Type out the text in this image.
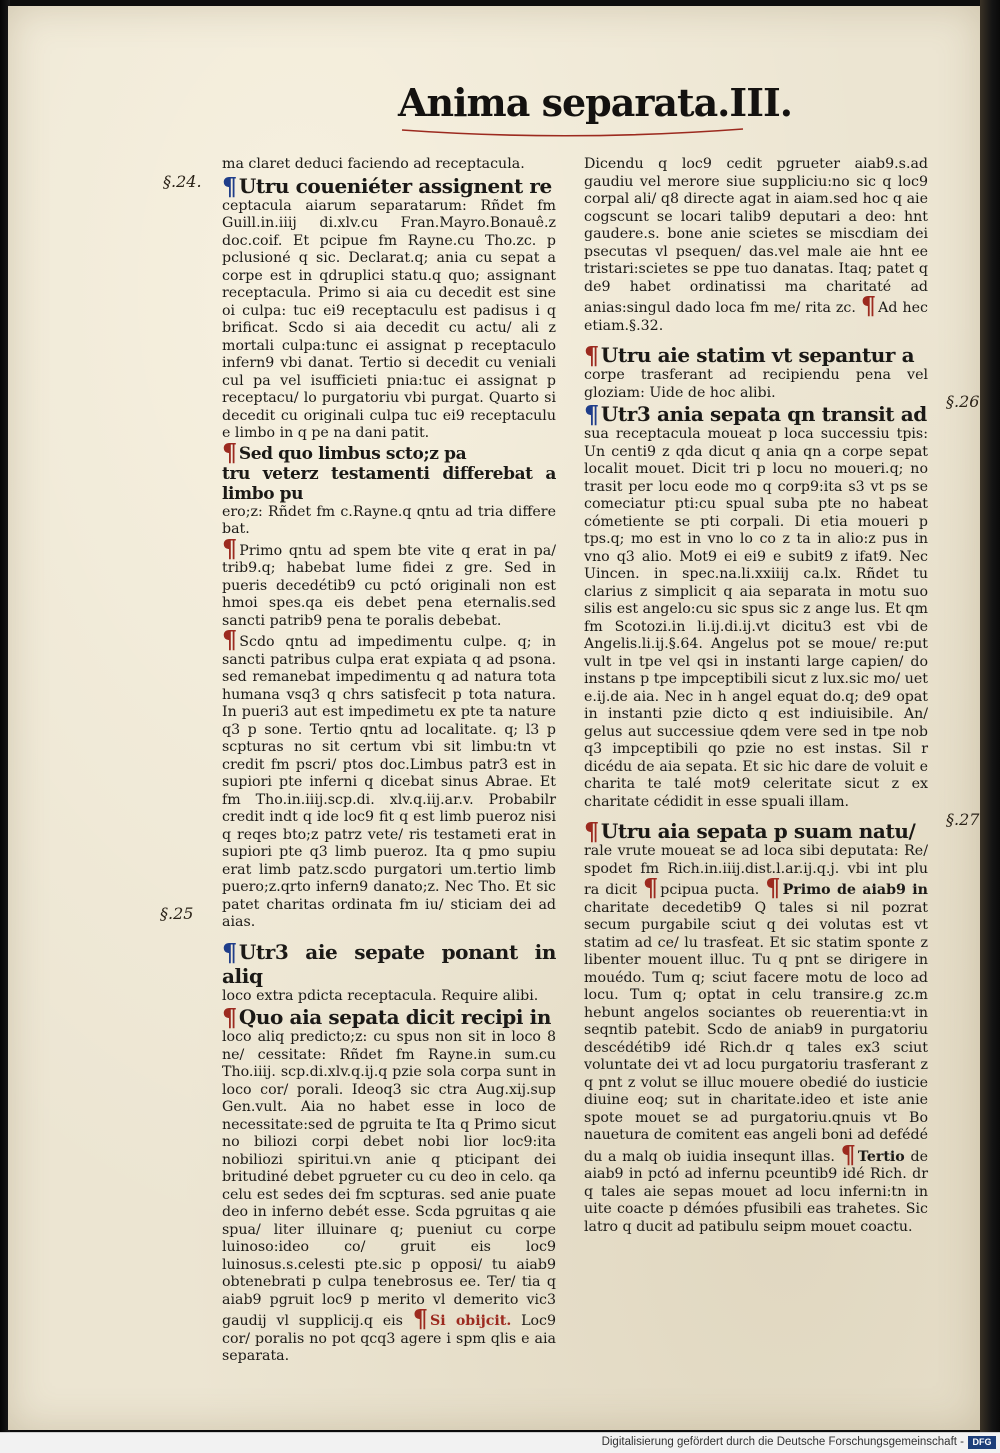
Anima separata.III.
§.24.
§.25
§.26
§.27

ma claret deduci faciendo ad receptacula.

¶ Utru coueniéter assignent re

ceptacula aiarum separatarum: Rñdet fm Guill.in.iiij di.xlv.cu Fran.Mayro.Bonauê.z doc.coif. Et pcipue fm Rayne.cu Tho.zc. p pclusioné q sic. Declarat.q; ania cu sepat a corpe est in qdruplici statu.q quo; assignant receptacula. Primo si aia cu decedit est sine oi culpa: tuc ei9 receptaculu est padisus i q brificat. Scdo si aia decedit cu actu/ ali z mortali culpa:tunc ei assignat p receptaculo infern9 vbi danat. Tertio si decedit cu veniali cul pa vel isufficieti pnia:tuc ei assignat p receptacu/ lo purgatoriu vbi purgat. Quarto si decedit cu originali culpa tuc ei9 receptaculu e limbo in q pe na dani patit.

¶ Sed quo limbus scto;z pa

tru veterz testamenti differebat a limbo pu

ero;z: Rñdet fm c.Rayne.q qntu ad tria differe bat.

¶ Primo qntu ad spem bte vite q erat in pa/ trib9.q; habebat lume fidei z gre. Sed in pueris decedétib9 cu pctó originali non est hmoi spes.qa eis debet pena eternalis.sed sancti patrib9 pena te poralis debebat.

¶ Scdo qntu ad impedimentu culpe. q; in sancti patribus culpa erat expiata q ad psona. sed remanebat impedimentu q ad natura tota humana vsq3 q chrs satisfecit p tota natura. In pueri3 aut est impedimetu ex pte ta nature q3 p sone. Tertio qntu ad localitate. q; l3 p scpturas no sit certum vbi sit limbu:tn vt credit fm pscri/ ptos doc.Limbus patr3 est in supiori pte inferni q dicebat sinus Abrae. Et fm Tho.in.iiij.scp.di. xlv.q.iij.ar.v. Probabilr credit indt q ide loc9 fit q est limb pueroz nisi q reqes bto;z patrz vete/ ris testameti erat in supiori pte q3 limb pueroz. Ita q pmo supiu erat limb patz.scdo purgatori um.tertio limb puero;z.qrto infern9 danato;z. Nec Tho. Et sic patet charitas ordinata fm iu/ sticiam dei ad aias.

¶ Utr3 aie sepate ponant in aliq

loco extra pdicta receptacula. Require alibi.

¶ Quo aia sepata dicit recipi in

loco aliq predicto;z: cu spus non sit in loco 8 ne/ cessitate: Rñdet fm Rayne.in sum.cu Tho.iiij. scp.di.xlv.q.ij.q pzie sola corpa sunt in loco cor/ porali. Ideoq3 sic ctra Aug.xij.sup Gen.vult. Aia no habet esse in loco de necessitate:sed de pgruita te Ita q Primo sicut no biliozi corpi debet nobi lior loc9:ita nobiliozi spiritui.vn anie q pticipant dei britudiné debet pgrueter cu cu deo in celo. qa celu est sedes dei fm scpturas. sed anie puate deo in inferno debét esse. Scda pgruitas q aie spua/ liter illuinare q; pueniut cu corpe luinoso:ideo co/ gruit eis loc9 luinosus.s.celesti pte.sic p opposi/ tu aiab9 obtenebrati p culpa tenebrosus ee. Ter/ tia q aiab9 pgruit loc9 p merito vl demerito vic3 gaudij vl supplicij.q eis ¶ Si obijcit. Loc9 cor/ poralis no pot qcq3 agere i spm qlis e aia separata.

Dicendu q loc9 cedit pgrueter aiab9.s.ad gaudiu vel merore siue suppliciu:no sic q loc9 corpal ali/ q8 directe agat in aiam.sed hoc q aie cogscunt se locari talib9 deputari a deo: hnt gaudere.s. bone anie scietes se miscdiam dei psecutas vl psequen/ das.vel male aie hnt ee tristari:scietes se ppe tuo danatas. Itaq; patet q de9 habet ordinatissi ma charitaté ad anias:singul dado loca fm me/ rita zc. ¶ Ad hec etiam.§.32.

¶ Utru aie statim vt sepantur a

corpe trasferant ad recipiendu pena vel gloziam: Uide de hoc alibi.

¶ Utr3 ania sepata qn transit ad

sua receptacula moueat p loca successiu tpis: Un centi9 z qda dicut q ania qn a corpe sepat localit mouet. Dicit tri p locu no moueri.q; no trasit per locu eode mo q corp9:ita s3 vt ps se comeciatur pti:cu spual suba pte no habeat cómetiente se pti corpali. Di etia moueri p tps.q; mo est in vno lo co z ta in alio:z pus in vno q3 alio. Mot9 ei ei9 e subit9 z ifat9. Nec Uincen. in spec.na.li.xxiiij ca.lx. Rñdet tu clarius z simplicit q aia separata in motu suo silis est angelo:cu sic spus sic z ange lus. Et qm fm Scotozi.in li.ij.di.ij.vt dicitu3 est vbi de Angelis.li.ij.§.64. Angelus pot se moue/ re:put vult in tpe vel qsi in instanti large capien/ do instans p tpe impceptibili sicut z lux.sic mo/ uet e.ij.de aia. Nec in h angel equat do.q; de9 opat in instanti pzie dicto q est indiuisibile. An/ gelus aut successiue qdem vere sed in tpe nob q3 impceptibili qo pzie no est instas. Sil r dicédu de aia sepata. Et sic hic dare de voluit e charita te talé mot9 celeritate sicut z ex charitate cédidit in esse spuali illam.

¶ Utru aia sepata p suam natu/

rale vrute moueat se ad loca sibi deputata: Re/ spodet fm Rich.in.iiij.dist.l.ar.ij.q.j. vbi int plu ra dicit ¶ pcipua pucta. ¶ Primo de aiab9 in charitate decedetib9 Q tales si nil pozrat secum purgabile sciut q dei volutas est vt statim ad ce/ lu trasfeat. Et sic statim sponte z libenter mouent illuc. Tu q pnt se dirigere in mouédo. Tum q; sciut facere motu de loco ad locu. Tum q; optat in celu transire.g zc.m hebunt angelos sociantes ob reuerentia:vt in seqntib patebit. Scdo de aniab9 in purgatoriu descédétib9 idé Rich.dr q tales ex3 sciut voluntate dei vt ad locu purgatoriu trasferant z q pnt z volut se illuc mouere obedié do iusticie diuine eoq; sut in charitate.ideo et iste anie spote mouet se ad purgatoriu.qnuis vt Bo nauetura de comitent eas angeli boni ad defédé du a malq ob iuidia insequnt illas. ¶ Tertio de aiab9 in pctó ad infernu pceuntib9 idé Rich. dr q tales aie sepas mouet ad locu inferni:tn in uite coacte p démóes pfusibili eas trahetes. Sic latro q ducit ad patibulu seipm mouet coactu.

Digitalisierung gefördert durch die Deutsche Forschungsgemeinschaft - DFG
